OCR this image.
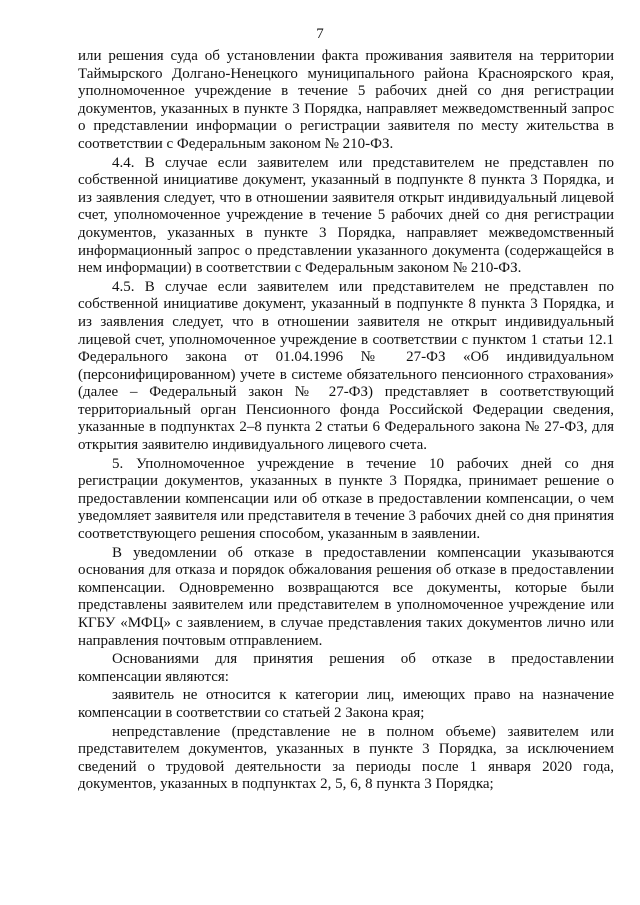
7

или решения суда об установлении факта проживания заявителя на территории Таймырского Долгано-Ненецкого муниципального района Красноярского края, уполномоченное учреждение в течение 5 рабочих дней со дня регистрации документов, указанных в пункте 3 Порядка, направляет межведомственный запрос о представлении информации о регистрации заявителя по месту жительства в соответствии с Федеральным законом № 210-ФЗ.

4.4. В случае если заявителем или представителем не представлен по собственной инициативе документ, указанный в подпункте 8 пункта 3 Порядка, и из заявления следует, что в отношении заявителя открыт индивидуальный лицевой счет, уполномоченное учреждение в течение 5 рабочих дней со дня регистрации документов, указанных в пункте 3 Порядка, направляет межведомственный информационный запрос о представлении указанного документа (содержащейся в нем информации) в соответствии с Федеральным законом № 210-ФЗ.

4.5. В случае если заявителем или представителем не представлен по собственной инициативе документ, указанный в подпункте 8 пункта 3 Порядка, и из заявления следует, что в отношении заявителя не открыт индивидуальный лицевой счет, уполномоченное учреждение в соответствии с пунктом 1 статьи 12.1 Федерального закона от 01.04.1996 № 27-ФЗ «Об индивидуальном (персонифицированном) учете в системе обязательного пенсионного страхования» (далее – Федеральный закон № 27-ФЗ) представляет в соответствующий территориальный орган Пенсионного фонда Российской Федерации сведения, указанные в подпунктах 2–8 пункта 2 статьи 6 Федерального закона № 27-ФЗ, для открытия заявителю индивидуального лицевого счета.

5. Уполномоченное учреждение в течение 10 рабочих дней со дня регистрации документов, указанных в пункте 3 Порядка, принимает решение о предоставлении компенсации или об отказе в предоставлении компенсации, о чем уведомляет заявителя или представителя в течение 3 рабочих дней со дня принятия соответствующего решения способом, указанным в заявлении.

В уведомлении об отказе в предоставлении компенсации указываются основания для отказа и порядок обжалования решения об отказе в предоставлении компенсации. Одновременно возвращаются все документы, которые были представлены заявителем или представителем в уполномоченное учреждение или КГБУ «МФЦ» с заявлением, в случае представления таких документов лично или направления почтовым отправлением.

Основаниями для принятия решения об отказе в предоставлении компенсации являются:

заявитель не относится к категории лиц, имеющих право на назначение компенсации в соответствии со статьей 2 Закона края;

непредставление (представление не в полном объеме) заявителем или представителем документов, указанных в пункте 3 Порядка, за исключением сведений о трудовой деятельности за периоды после 1 января 2020 года, документов, указанных в подпунктах 2, 5, 6, 8 пункта 3 Порядка;
